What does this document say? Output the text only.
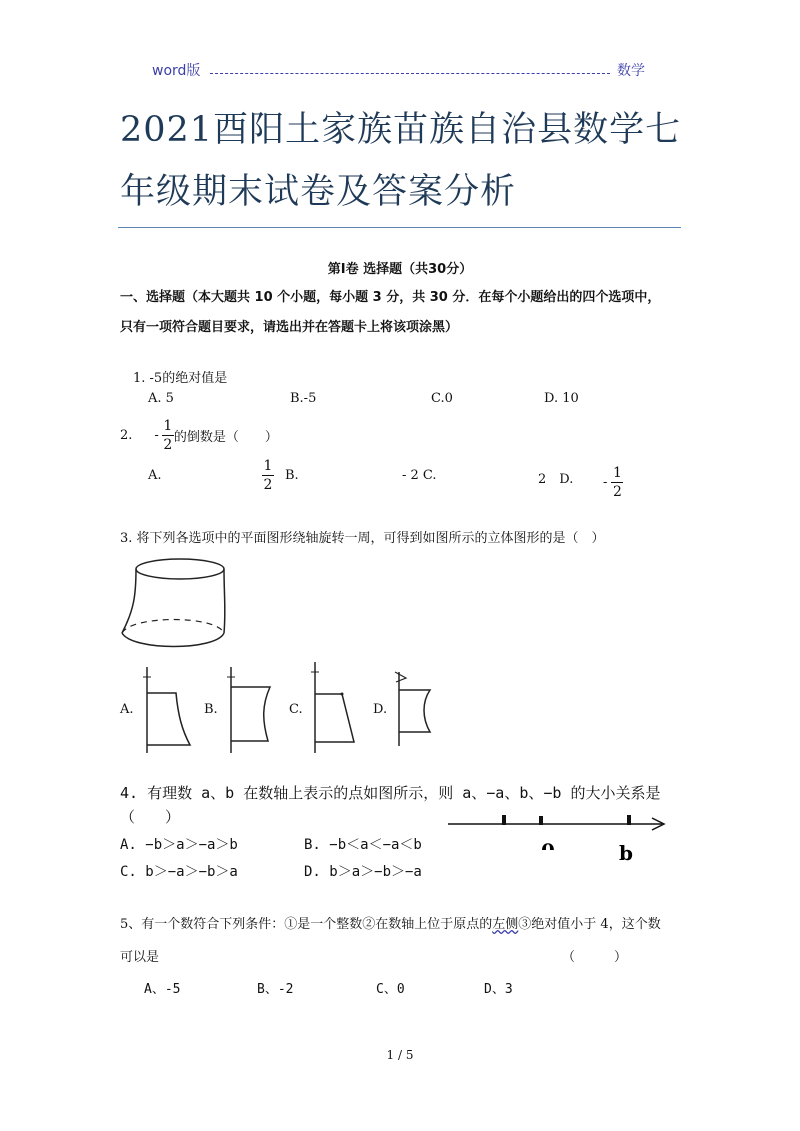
word版	数学
2021酉阳土家族苗族自治县数学七
年级期末试卷及答案分析
第Ⅰ卷 选择题（共30分）
一、选择题（本大题共 10 个小题，每小题 3 分，共 30 分．在每个小题给出的四个选项中，
只有一项符合题目要求，请选出并在答题卡上将该项涂黑）
1. -5的绝对值是
A. 5	B.-5	C.0	D. 10
2. - $\frac{1}{2}$ 的倒数是（　　）
A.	$\frac{1}{2} B$.	- 2 C.	2　D. - $\frac{1}{2}$
3. 将下列各选项中的平面图形绕轴旋转一周，可得到如图所示的立体图形的是（　）
A.	B.	C.	D.
4. 有理数 a、b 在数轴上表示的点如图所示，则 a、−a、b、−b 的大小关系是
（　　）
A. −b＞a＞−a＞b	B. −b＜a＜−a＜b
C. b＞−a＞−b＞a	D. b＞a＞−b＞−a
b
5、有一个数符合下列条件：①是一个整数②在数轴上位于原点的左侧③绝对值小于 4，这个数
可以是	（　　　）
A、-5	B、-2	C、0	D、3
1 / 5
